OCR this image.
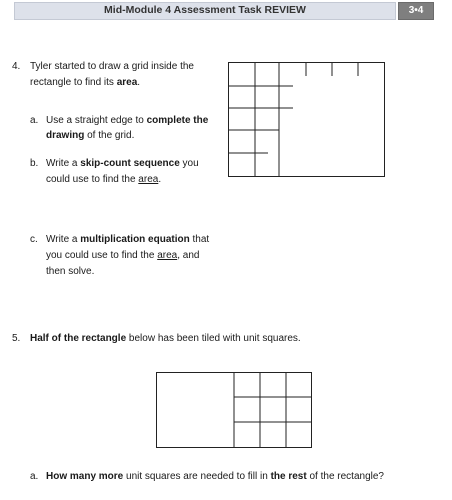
Mid-Module 4 Assessment Task REVIEW	3•4
4. Tyler started to draw a grid inside the
rectangle to find its area.
a. Use a straight edge to complete the
drawing of the grid.
b. Write a skip-count sequence you
could use to find the area.
c. Write a multiplication equation that
you could use to find the area, and
then solve.
5. Half of the rectangle below has been tiled with unit squares.
a. How many more unit squares are needed to fill in the rest of the rectangle?
